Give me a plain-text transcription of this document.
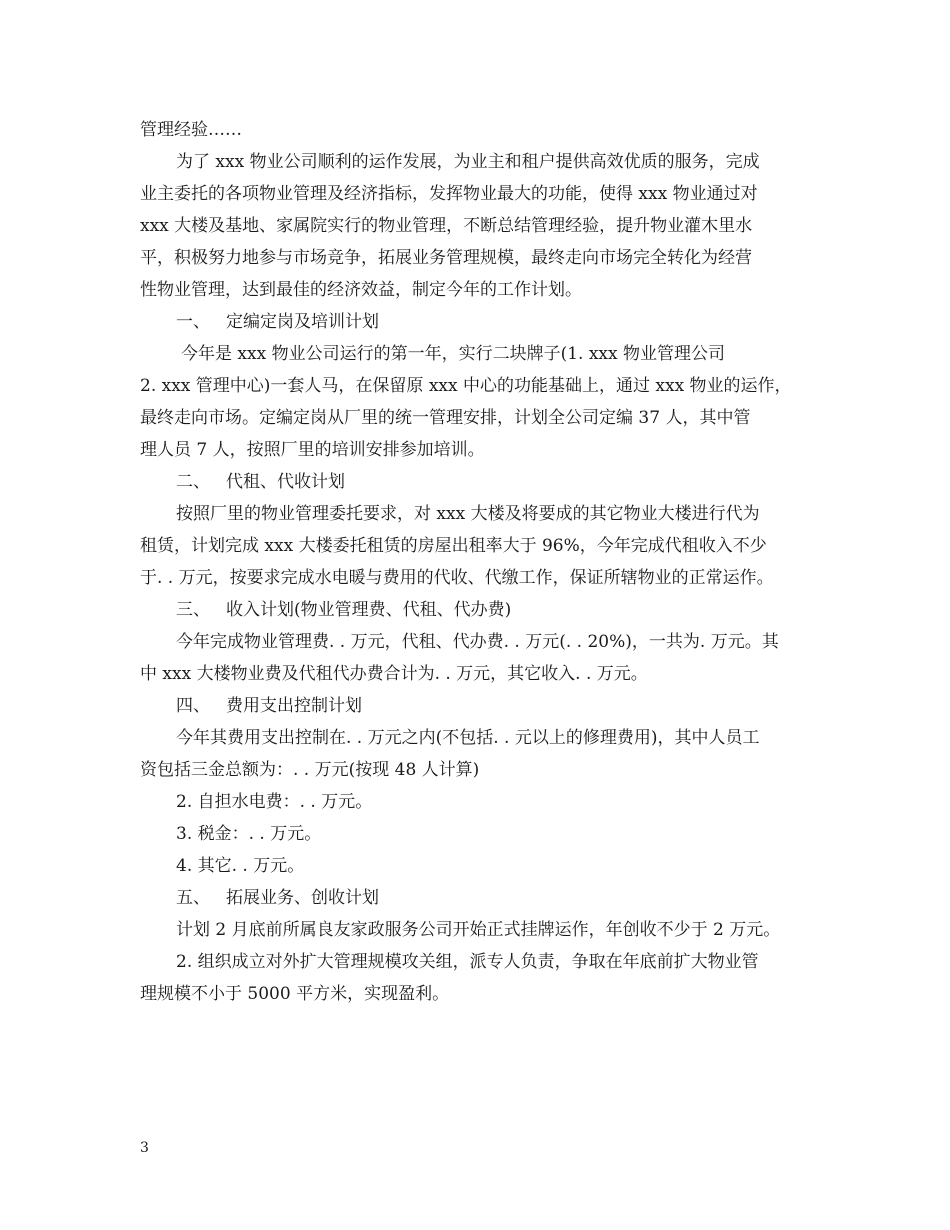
管理经验……
为了 xxx 物业公司顺利的运作发展，为业主和租户提供高效优质的服务，完成
业主委托的各项物业管理及经济指标，发挥物业最大的功能，使得 xxx 物业通过对
xxx 大楼及基地、家属院实行的物业管理，不断总结管理经验，提升物业灌木里水
平，积极努力地参与市场竞争，拓展业务管理规模，最终走向市场完全转化为经营
性物业管理，达到最佳的经济效益，制定今年的工作计划。
一、 定编定岗及培训计划
今年是 xxx 物业公司运行的第一年，实行二块牌子(1. xxx 物业管理公司
2. xxx 管理中心)一套人马，在保留原 xxx 中心的功能基础上，通过 xxx 物业的运作，
最终走向市场。定编定岗从厂里的统一管理安排，计划全公司定编 37 人，其中管
理人员 7 人，按照厂里的培训安排参加培训。
二、 代租、代收计划
按照厂里的物业管理委托要求，对 xxx 大楼及将要成的其它物业大楼进行代为
租赁，计划完成 xxx 大楼委托租赁的房屋出租率大于 96%，今年完成代租收入不少
于. . 万元，按要求完成水电暖与费用的代收、代缴工作，保证所辖物业的正常运作。
三、 收入计划(物业管理费、代租、代办费)
今年完成物业管理费. . 万元，代租、代办费. . 万元(. . 20%)，一共为. 万元。其
中 xxx 大楼物业费及代租代办费合计为. . 万元，其它收入. . 万元。
四、 费用支出控制计划
今年其费用支出控制在. . 万元之内(不包括. . 元以上的修理费用)，其中人员工
资包括三金总额为：. . 万元(按现 48 人计算)
2. 自担水电费：. . 万元。
3. 税金：. . 万元。
4. 其它. . 万元。
五、 拓展业务、创收计划
计划 2 月底前所属良友家政服务公司开始正式挂牌运作，年创收不少于 2 万元。
2. 组织成立对外扩大管理规模攻关组，派专人负责，争取在年底前扩大物业管
理规模不小于 5000 平方米，实现盈利。
3
